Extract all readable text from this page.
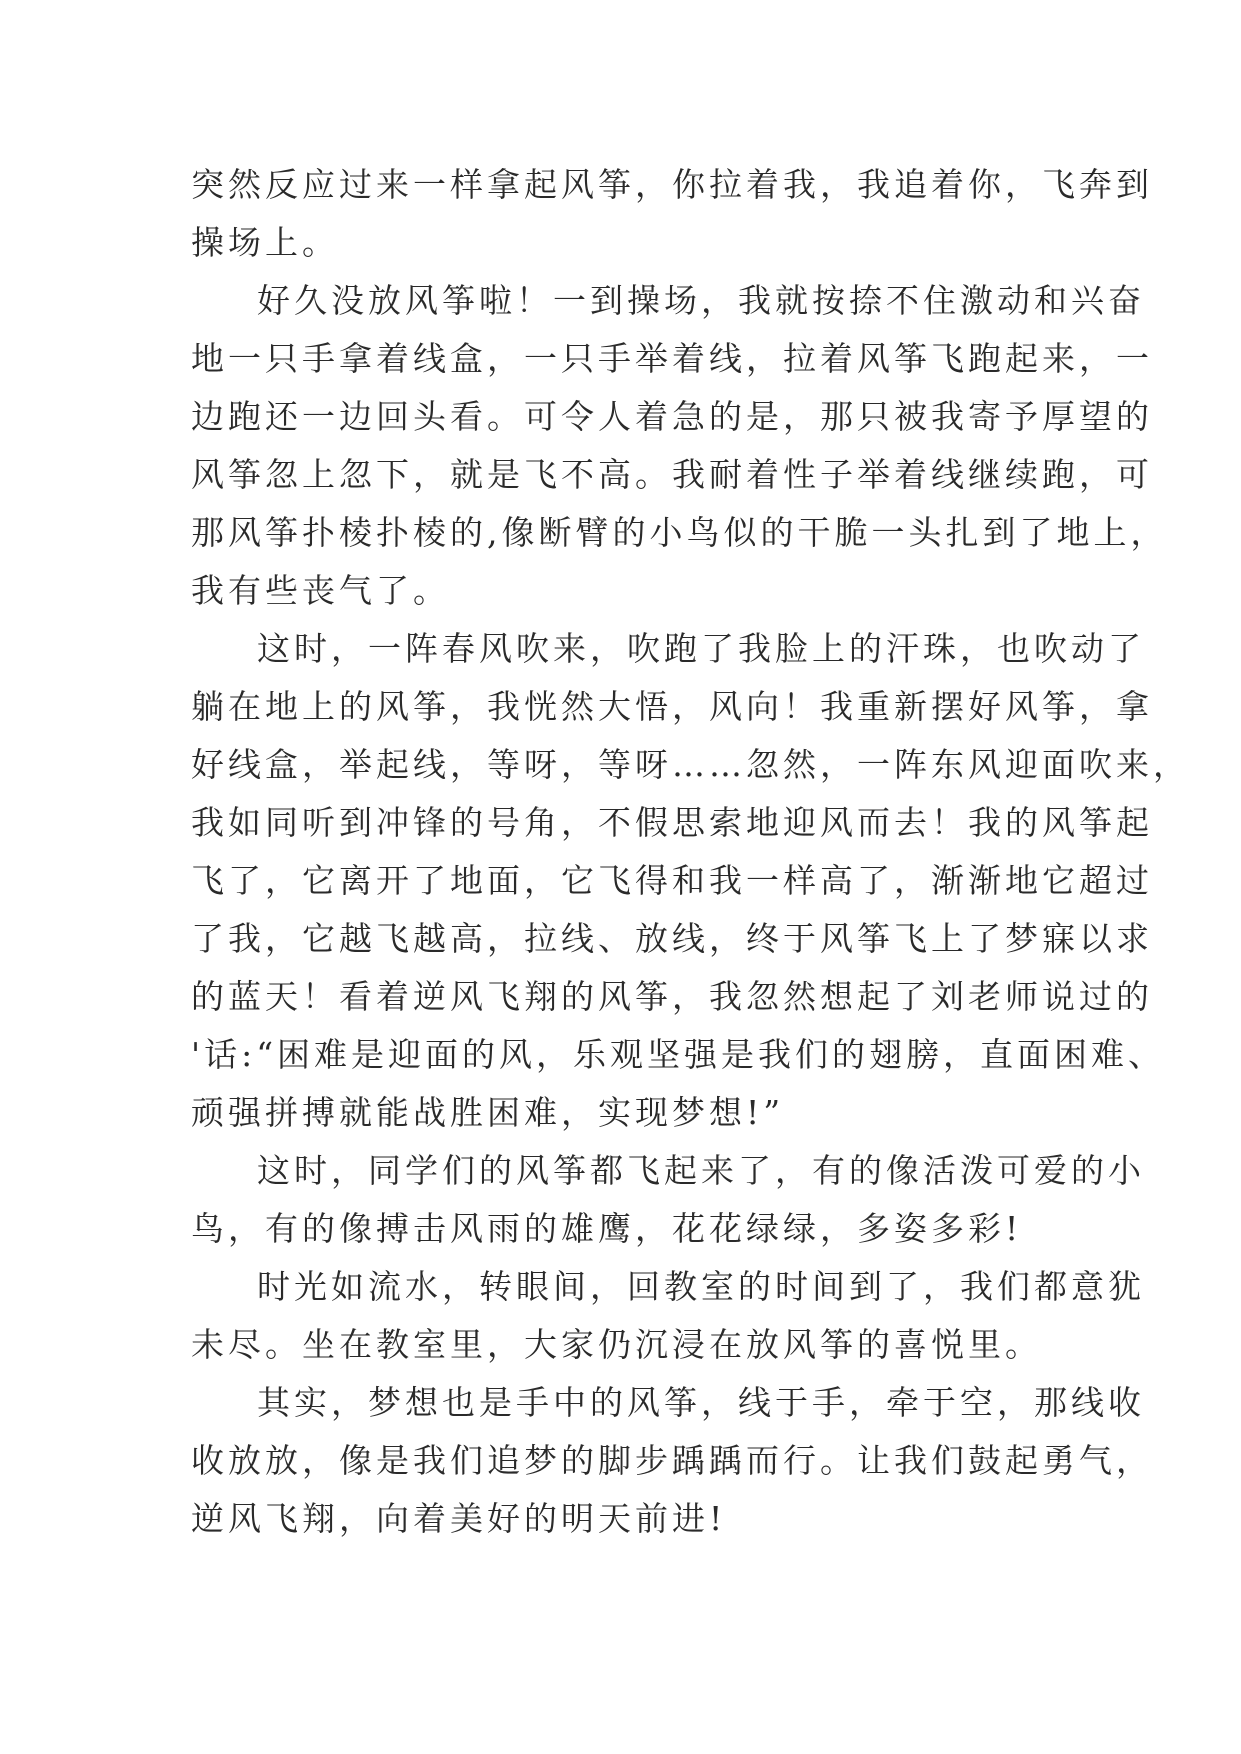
突然反应过来一样拿起风筝，你拉着我，我追着你，飞奔到
操场上。
好久没放风筝啦！一到操场，我就按捺不住激动和兴奋
地一只手拿着线盒，一只手举着线，拉着风筝飞跑起来，一
边跑还一边回头看。可令人着急的是，那只被我寄予厚望的
风筝忽上忽下，就是飞不高。我耐着性子举着线继续跑，可
那风筝扑棱扑棱的,像断臂的小鸟似的干脆一头扎到了地上，
我有些丧气了。
这时，一阵春风吹来，吹跑了我脸上的汗珠，也吹动了
躺在地上的风筝，我恍然大悟，风向！我重新摆好风筝，拿
好线盒，举起线，等呀，等呀……忽然，一阵东风迎面吹来，
我如同听到冲锋的号角，不假思索地迎风而去！我的风筝起
飞了，它离开了地面，它飞得和我一样高了，渐渐地它超过
了我，它越飞越高，拉线、放线，终于风筝飞上了梦寐以求
的蓝天！看着逆风飞翔的风筝，我忽然想起了刘老师说过的
'话:“困难是迎面的风，乐观坚强是我们的翅膀，直面困难、
顽强拼搏就能战胜困难，实现梦想!”
这时，同学们的风筝都飞起来了，有的像活泼可爱的小
鸟，有的像搏击风雨的雄鹰，花花绿绿，多姿多彩!
时光如流水，转眼间，回教室的时间到了，我们都意犹
未尽。坐在教室里，大家仍沉浸在放风筝的喜悦里。
其实，梦想也是手中的风筝，线于手，牵于空，那线收
收放放，像是我们追梦的脚步踽踽而行。让我们鼓起勇气，
逆风飞翔，向着美好的明天前进!
